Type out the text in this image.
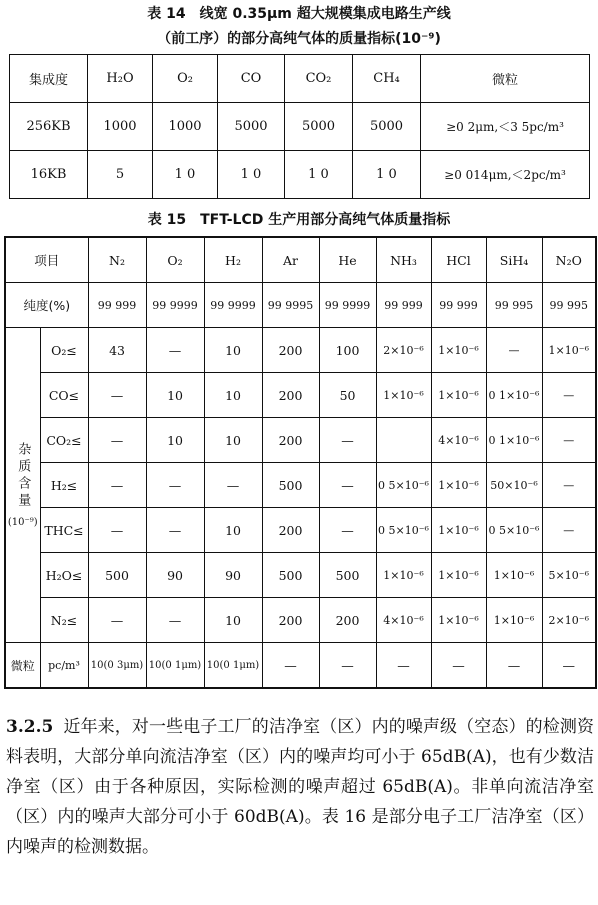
表 14　线宽 0.35μm 超大规模集成电路生产线
（前工序）的部分高纯气体的质量指标(10⁻⁹)
集成度	H₂O	O₂	CO	CO₂	CH₄	微粒
256KB	1000	1000	5000	5000	5000	≥0 2μm,＜3 5pc/m³
16KB	5	1 0	1 0	1 0	1 0	≥0 014μm,＜2pc/m³
表 15　TFT-LCD 生产用部分高纯气体质量指标
项目		N₂	O₂	H₂	Ar	He	NH₃	HCl	SiH₄	N₂O
纯度(%)		99 999	99 9999	99 9999	99 9995	99 9999	99 999	99 999	99 995	99 995
杂质含量
(10⁻⁹)	O₂≤	43	—	10	200	100	2×10⁻⁶	1×10⁻⁶	—	1×10⁻⁶
	CO≤	—	10	10	200	50	1×10⁻⁶	1×10⁻⁶	0 1×10⁻⁶	—
	CO₂≤	—	10	10	200	—		4×10⁻⁶	0 1×10⁻⁶	—
	H₂≤	—	—	—	500	—	0 5×10⁻⁶	1×10⁻⁶	50×10⁻⁶	—
	THC≤	—	—	10	200	—	0 5×10⁻⁶	1×10⁻⁶	0 5×10⁻⁶	—
	H₂O≤	500	90	90	500	500	1×10⁻⁶	1×10⁻⁶	1×10⁻⁶	5×10⁻⁶
	N₂≤	—	—	10	200	200	4×10⁻⁶	1×10⁻⁶	1×10⁻⁶	2×10⁻⁶
微粒	pc/m³	10(0 3μm)	10(0 1μm)	10(0 1μm)	—	—	—	—	—	—
3.2.5 近年来，对一些电子工厂的洁净室（区）内的噪声级（空态）的检测资料表明，大部分单向流洁净室（区）内的噪声均可小于 65dB(A)，也有少数洁净室（区）由于各种原因，实际检测的噪声超过 65dB(A)。非单向流洁净室（区）内的噪声大部分可小于 60dB(A)。表 16 是部分电子工厂洁净室（区）内噪声的检测数据。
